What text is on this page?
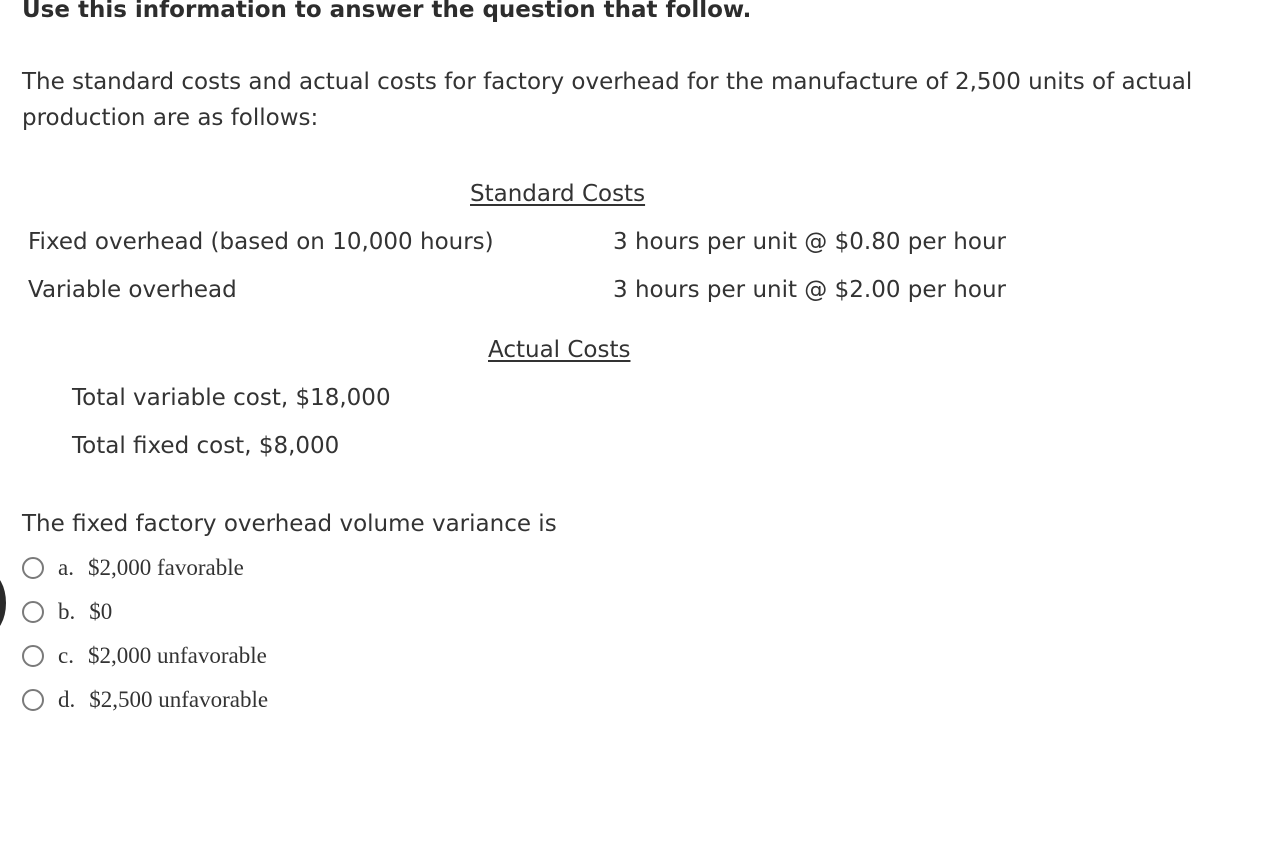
Use this information to answer the question that follow.
The standard costs and actual costs for factory overhead for the manufacture of 2,500 units of actual production are as follows:
Standard Costs
Fixed overhead (based on 10,000 hours)	3 hours per unit @ $0.80 per hour
Variable overhead	3 hours per unit @ $2.00 per hour
Actual Costs
Total variable cost, $18,000
Total fixed cost, $8,000
The fixed factory overhead volume variance is
a. $2,000 favorable
b. $0
c. $2,000 unfavorable
d. $2,500 unfavorable
